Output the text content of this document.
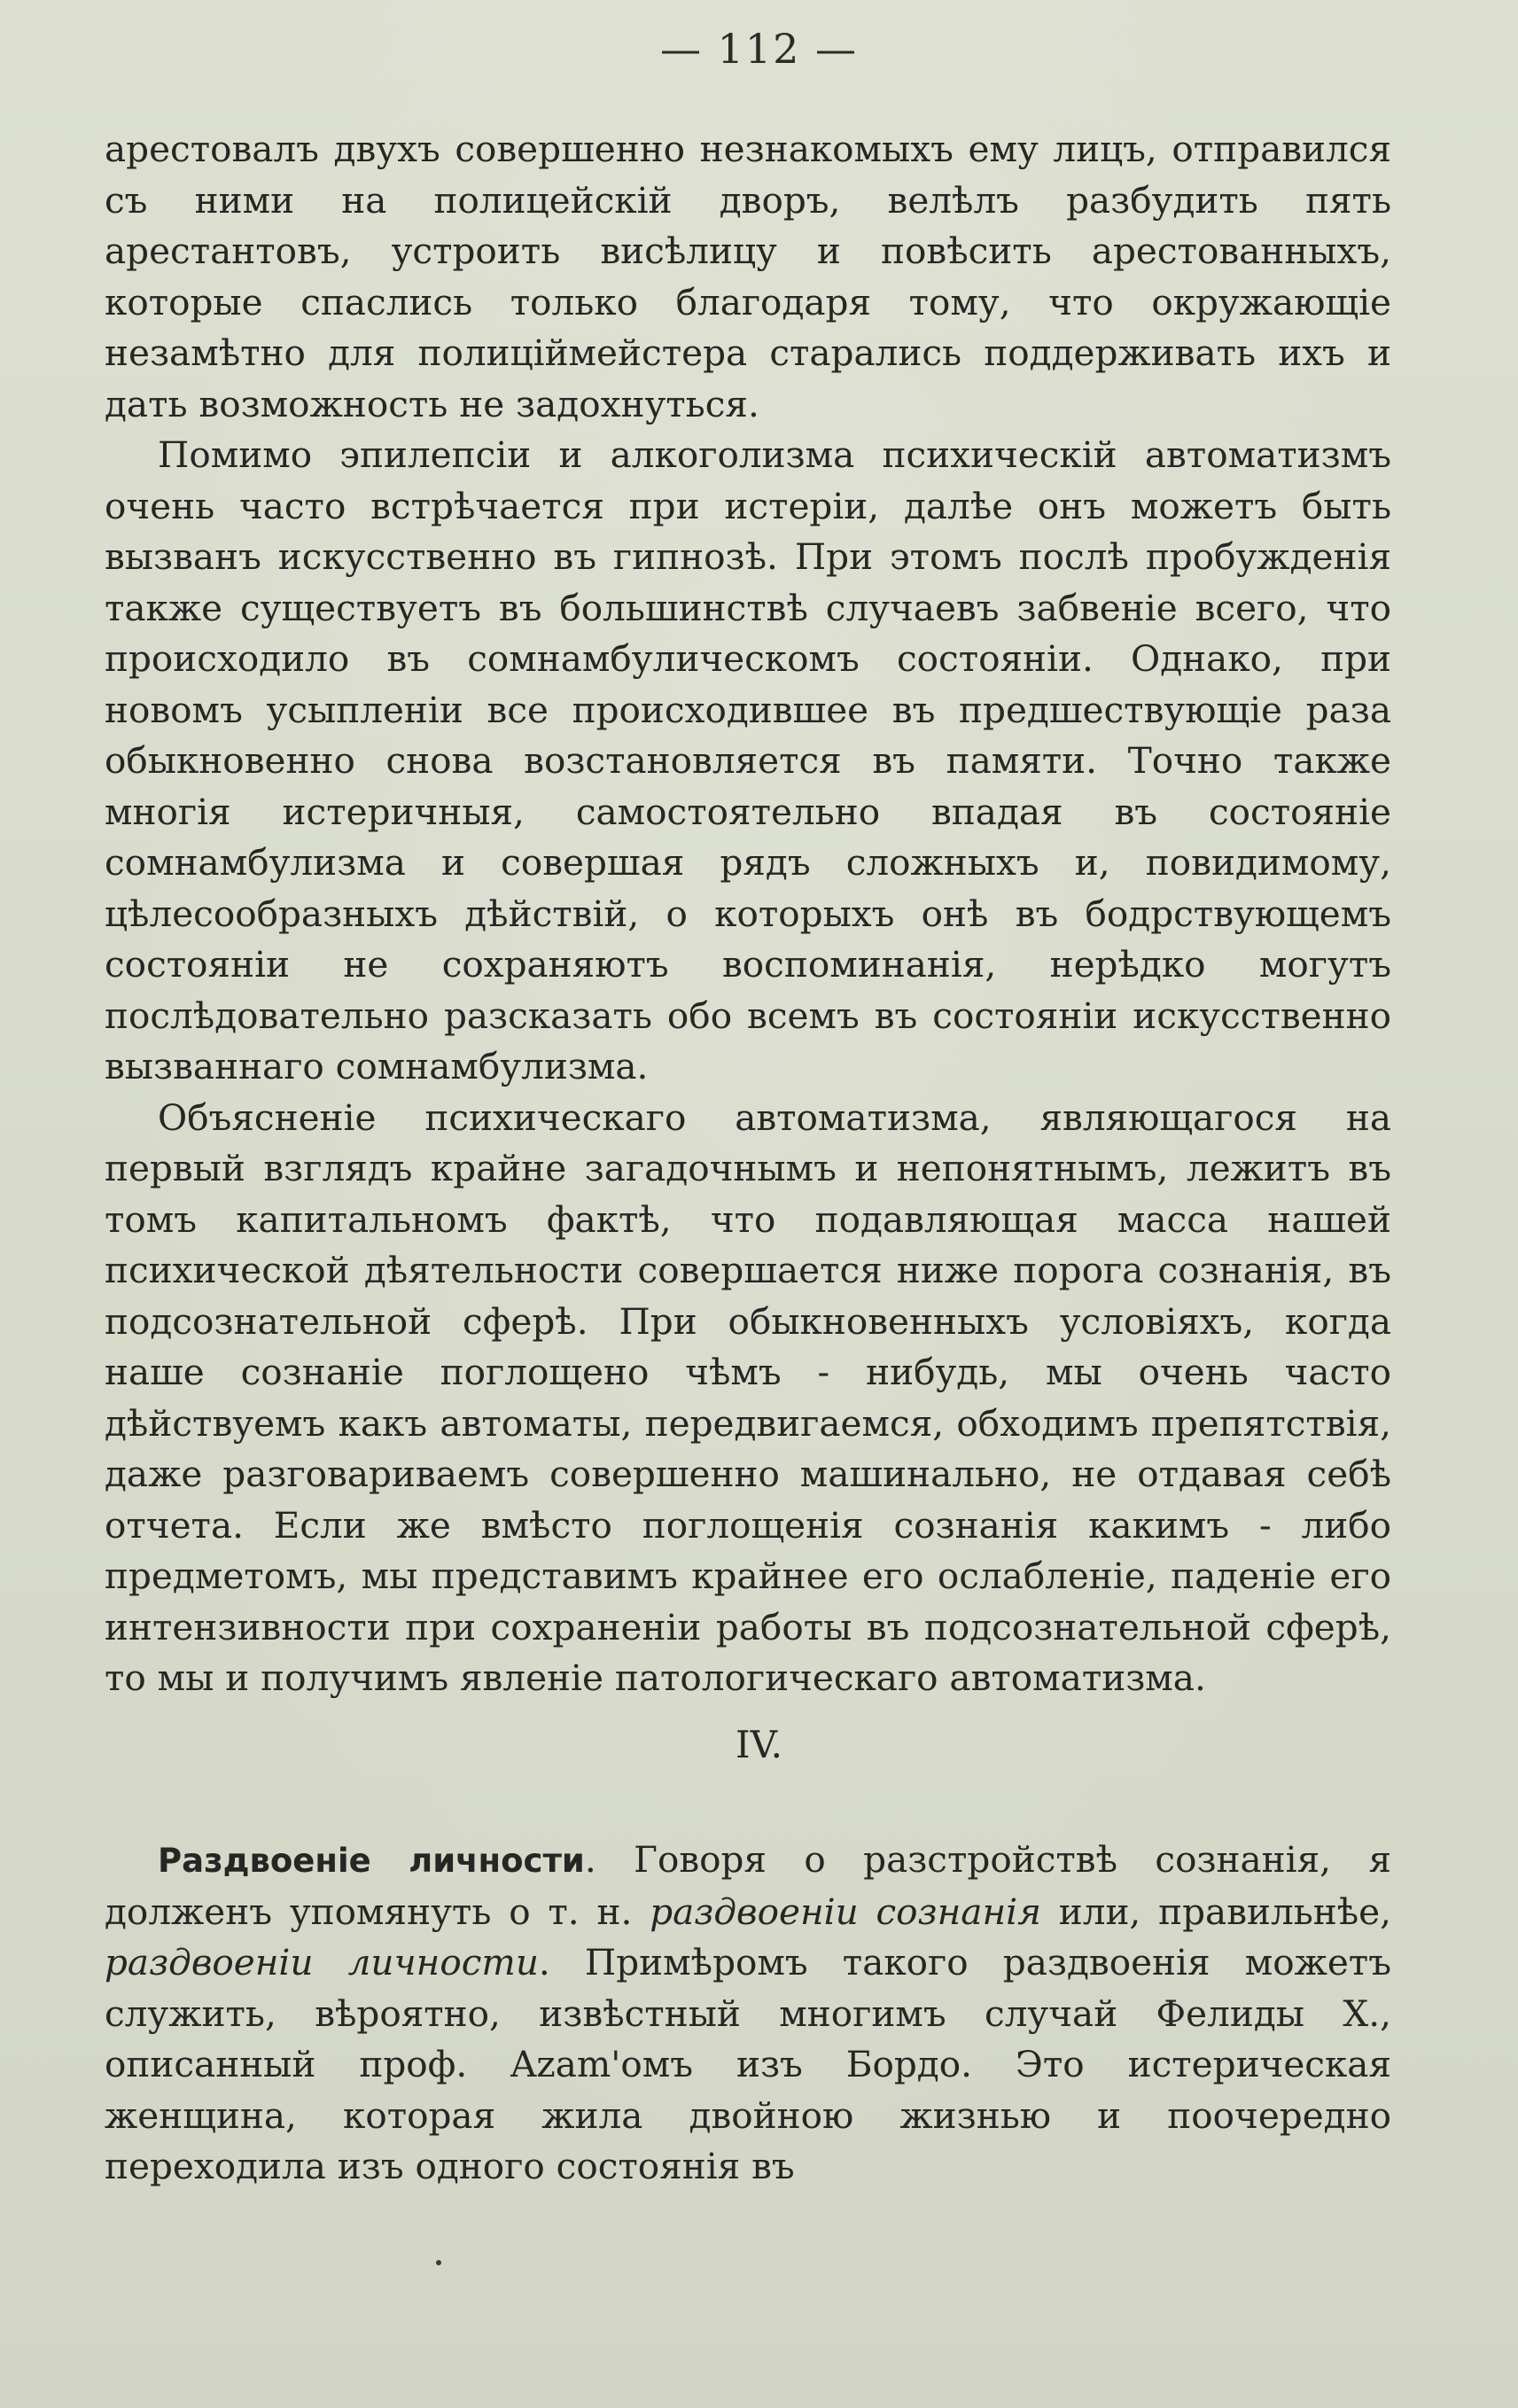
— 112 —

арестовалъ двухъ совершенно незнакомыхъ ему лицъ, отправился съ ними на полицейскій дворъ, велѣлъ разбудить пять арестантовъ, устроить висѣлицу и повѣсить арестованныхъ, которые спаслись только благодаря тому, что окружающіе незамѣтно для полиціймейстера старались поддерживать ихъ и дать возможность не задохнуться.

Помимо эпилепсіи и алкоголизма психическій автоматизмъ очень часто встрѣчается при истеріи, далѣе онъ можетъ быть вызванъ искусственно въ гипнозѣ. При этомъ послѣ пробужденія также существуетъ въ большинствѣ случаевъ забвеніе всего, что происходило въ сомнамбулическомъ состояніи. Однако, при новомъ усыпленіи все происходившее въ предшествующіе раза обыкновенно снова возстановляется въ памяти. Точно также многія истеричныя, самостоятельно впадая въ состояніе сомнамбулизма и совершая рядъ сложныхъ и, повидимому, цѣлесообразныхъ дѣйствій, о которыхъ онѣ въ бодрствующемъ состояніи не сохраняютъ воспоминанія, нерѣдко могутъ послѣдовательно разсказать обо всемъ въ состояніи искусственно вызваннаго сомнамбулизма.

Объясненіе психическаго автоматизма, являющагося на первый взглядъ крайне загадочнымъ и непонятнымъ, лежитъ въ томъ капитальномъ фактѣ, что подавляющая масса нашей психической дѣятельности совершается ниже порога сознанія, въ подсознательной сферѣ. При обыкновенныхъ условіяхъ, когда наше сознаніе поглощено чѣмъ - нибудь, мы очень часто дѣйствуемъ какъ автоматы, передвигаемся, обходимъ препятствія, даже разговариваемъ совершенно машинально, не отдавая себѣ отчета. Если же вмѣсто поглощенія сознанія какимъ - либо предметомъ, мы представимъ крайнее его ослабленіе, паденіе его интензивности при сохраненіи работы въ подсознательной сферѣ, то мы и получимъ явленіе патологическаго автоматизма.

IV.

Раздвоеніе личности. Говоря о разстройствѣ сознанія, я долженъ упомянуть о т. н. раздвоеніи сознанія или, правильнѣе, раздвоеніи личности. Примѣромъ такого раздвоенія можетъ служить, вѣроятно, извѣстный многимъ случай Фелиды Х., описанный проф. Azam'омъ изъ Бордо. Это истерическая женщина, которая жила двойною жизнью и поочередно переходила изъ одного состоянія въ
